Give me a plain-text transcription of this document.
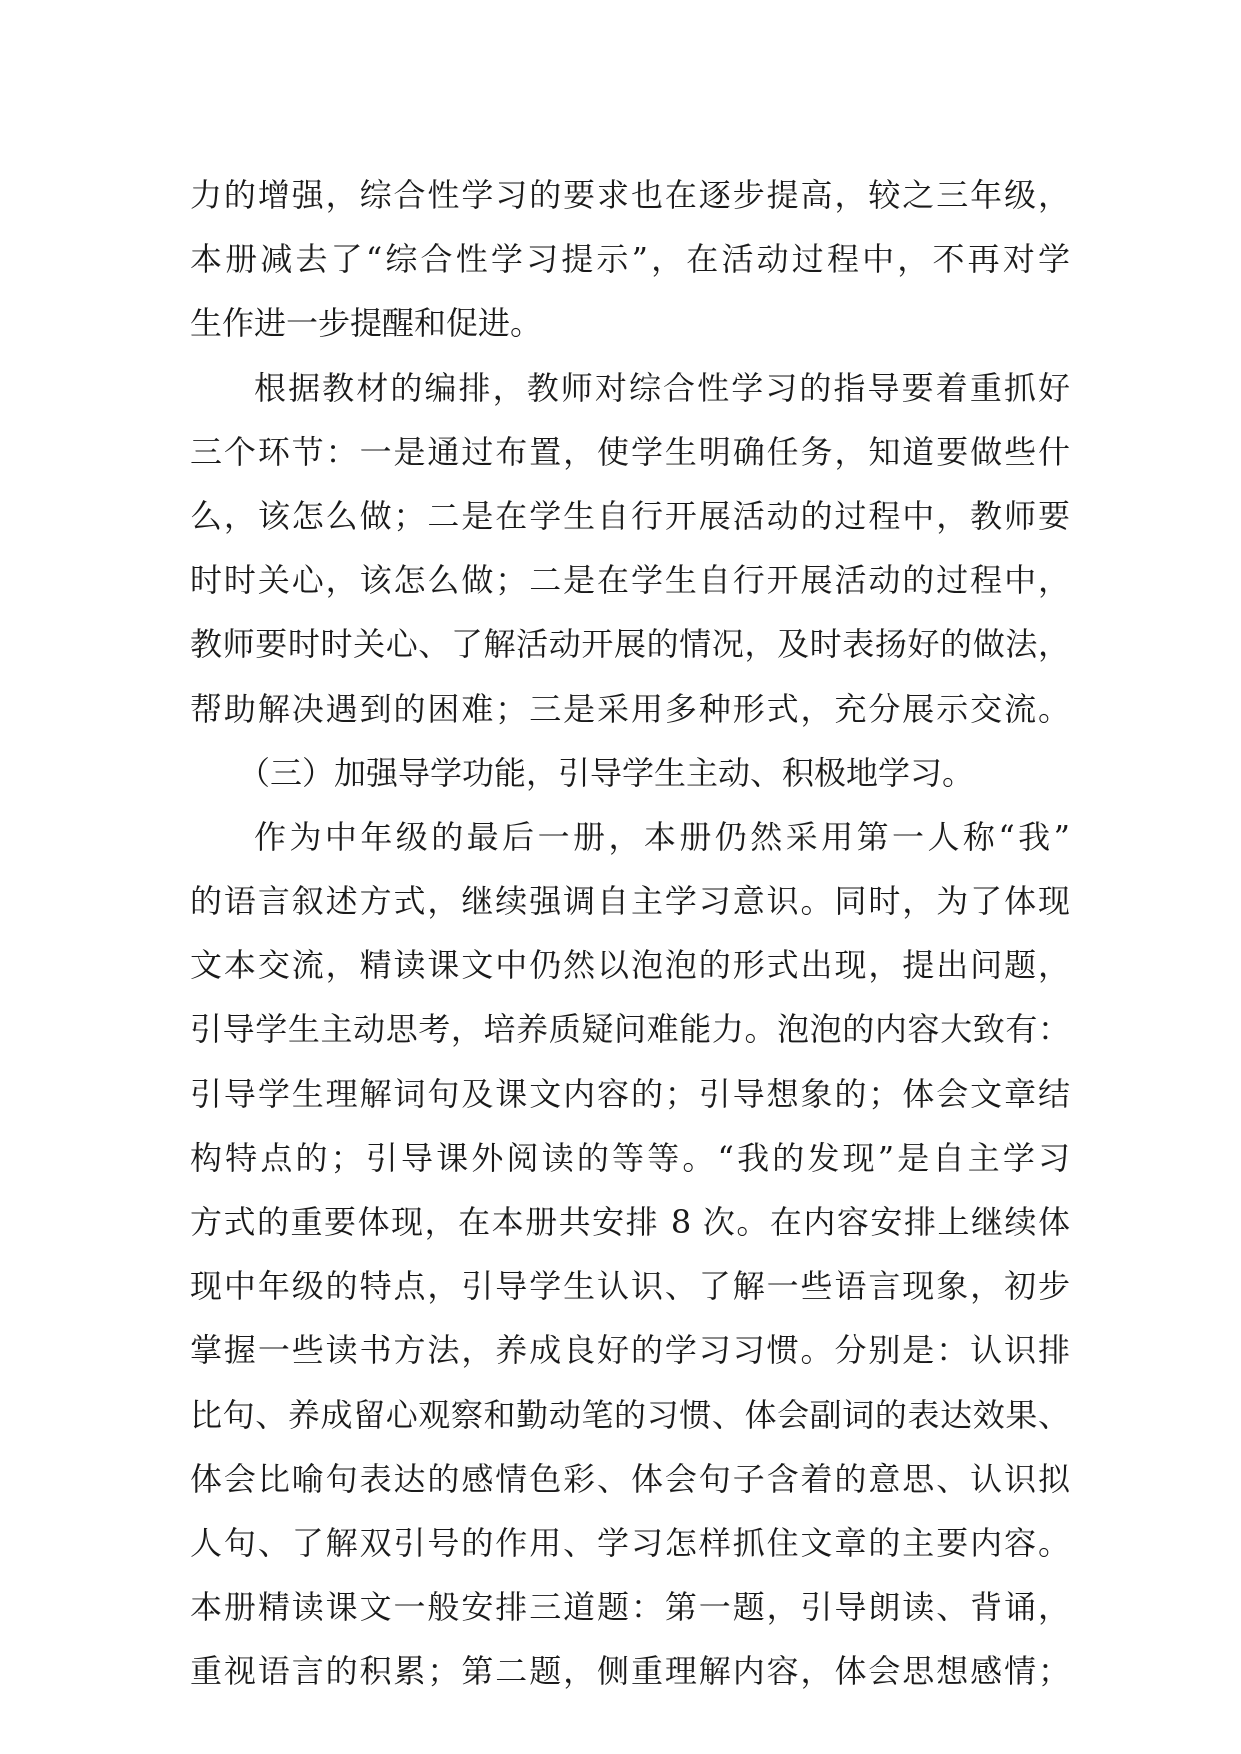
力的增强，综合性学习的要求也在逐步提高，较之三年级，
本册减去了“综合性学习提示”，在活动过程中，不再对学
生作进一步提醒和促进。
根据教材的编排，教师对综合性学习的指导要着重抓好
三个环节：一是通过布置，使学生明确任务，知道要做些什
么，该怎么做；二是在学生自行开展活动的过程中，教师要
时时关心，该怎么做；二是在学生自行开展活动的过程中，
教师要时时关心、了解活动开展的情况，及时表扬好的做法，
帮助解决遇到的困难；三是采用多种形式，充分展示交流。
（三）加强导学功能，引导学生主动、积极地学习。
作为中年级的最后一册，本册仍然采用第一人称“我”
的语言叙述方式，继续强调自主学习意识。同时，为了体现
文本交流，精读课文中仍然以泡泡的形式出现，提出问题，
引导学生主动思考，培养质疑问难能力。泡泡的内容大致有：
引导学生理解词句及课文内容的；引导想象的；体会文章结
构特点的；引导课外阅读的等等。“我的发现”是自主学习
方式的重要体现，在本册共安排 8 次。在内容安排上继续体
现中年级的特点，引导学生认识、了解一些语言现象，初步
掌握一些读书方法，养成良好的学习习惯。分别是：认识排
比句、养成留心观察和勤动笔的习惯、体会副词的表达效果、
体会比喻句表达的感情色彩、体会句子含着的意思、认识拟
人句、了解双引号的作用、学习怎样抓住文章的主要内容。
本册精读课文一般安排三道题：第一题，引导朗读、背诵，
重视语言的积累；第二题，侧重理解内容，体会思想感情；
